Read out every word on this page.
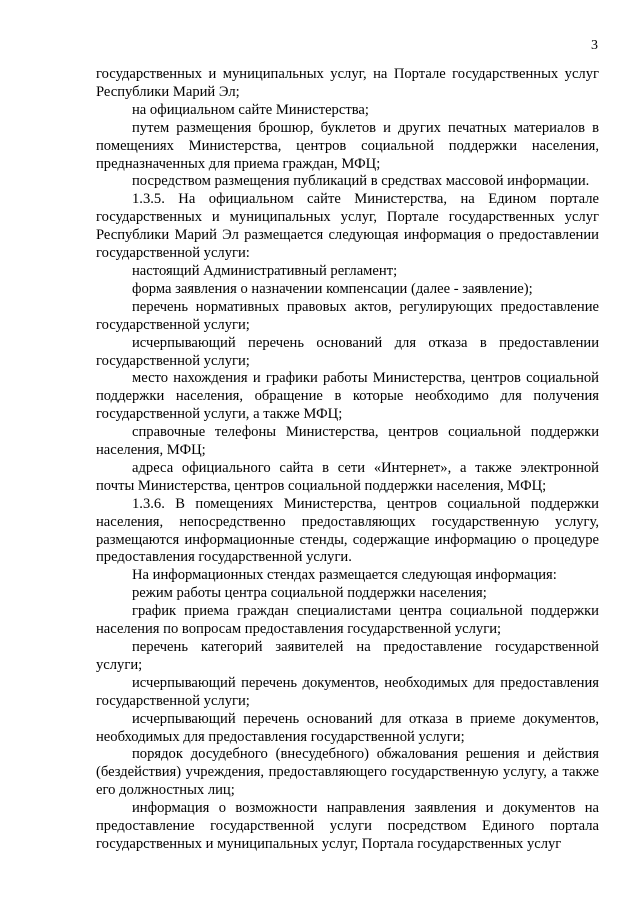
3

государственных и муниципальных услуг, на Портале государственных услуг Республики Марий Эл;

на официальном сайте Министерства;

путем размещения брошюр, буклетов и других печатных материалов в помещениях Министерства, центров социальной поддержки населения, предназначенных для приема граждан, МФЦ;

посредством размещения публикаций в средствах массовой информации.

1.3.5. На официальном сайте Министерства, на Едином портале государственных и муниципальных услуг, Портале государственных услуг Республики Марий Эл размещается следующая информация о предоставлении государственной услуги:

настоящий Административный регламент;

форма заявления о назначении компенсации (далее - заявление);

перечень нормативных правовых актов, регулирующих предоставление государственной услуги;

исчерпывающий перечень оснований для отказа в предоставлении государственной услуги;

место нахождения и графики работы Министерства, центров социальной поддержки населения, обращение в которые необходимо для получения государственной услуги, а также МФЦ;

справочные телефоны Министерства, центров социальной поддержки населения, МФЦ;

адреса официального сайта в сети «Интернет», а также электронной почты Министерства, центров социальной поддержки населения, МФЦ;

1.3.6. В помещениях Министерства, центров социальной поддержки населения, непосредственно предоставляющих государственную услугу, размещаются информационные стенды, содержащие информацию о процедуре предоставления государственной услуги.

На информационных стендах размещается следующая информация:

режим работы центра социальной поддержки населения;

график приема граждан специалистами центра социальной поддержки населения по вопросам предоставления государственной услуги;

перечень категорий заявителей на предоставление государственной услуги;

исчерпывающий перечень документов, необходимых для предоставления государственной услуги;

исчерпывающий перечень оснований для отказа в приеме документов, необходимых для предоставления государственной услуги;

порядок досудебного (внесудебного) обжалования решения и действия (бездействия) учреждения, предоставляющего государственную услугу, а также его должностных лиц;

информация о возможности направления заявления и документов на предоставление государственной услуги посредством Единого портала государственных и муниципальных услуг, Портала государственных услуг
